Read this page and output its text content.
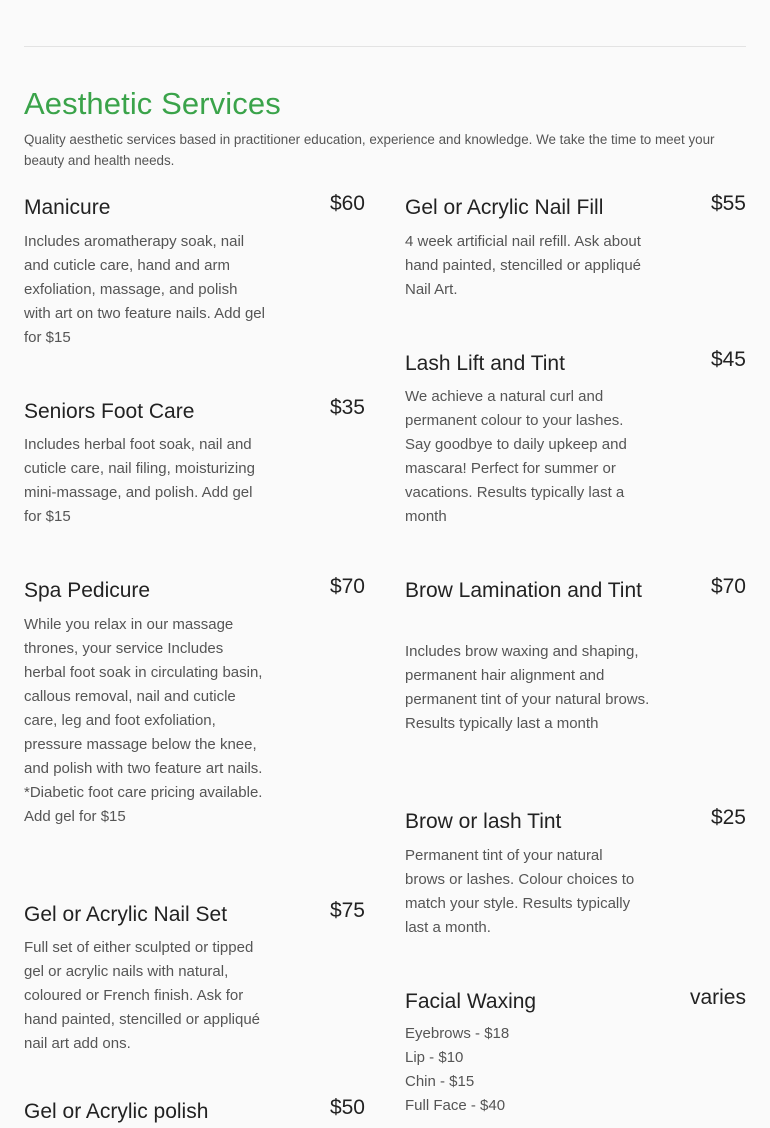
Aesthetic Services
Quality aesthetic services based in practitioner education, experience and knowledge. We take the time to meet your beauty and health needs.
Manicure	$60
Includes aromatherapy soak, nail and cuticle care, hand and arm exfoliation, massage, and polish with art on two feature nails. Add gel for $15
Seniors Foot Care	$35
Includes herbal foot soak, nail and cuticle care, nail filing, moisturizing mini-massage, and polish. Add gel for $15
Spa Pedicure	$70
While you relax in our massage thrones, your service Includes herbal foot soak in circulating basin, callous removal, nail and cuticle care, leg and foot exfoliation, pressure massage below the knee, and polish with two feature art nails. *Diabetic foot care pricing available. Add gel for $15
Gel or Acrylic Nail Set	$75
Full set of either sculpted or tipped gel or acrylic nails with natural, coloured or French finish. Ask for hand painted, stencilled or appliqué nail art add ons.
Gel or Acrylic polish	$50
Gel or Acrylic Nail Fill	$55
4 week artificial nail refill. Ask about hand painted, stencilled or appliqué Nail Art.
Lash Lift and Tint	$45
We achieve a natural curl and permanent colour to your lashes. Say goodbye to daily upkeep and mascara! Perfect for summer or vacations. Results typically last a month
Brow Lamination and Tint	$70
Includes brow waxing and shaping, permanent hair alignment and permanent tint of your natural brows. Results typically last a month
Brow or lash Tint	$25
Permanent tint of your natural brows or lashes. Colour choices to match your style. Results typically last a month.
Facial Waxing	varies
Eyebrows - $18
Lip - $10
Chin - $15
Full Face - $40
